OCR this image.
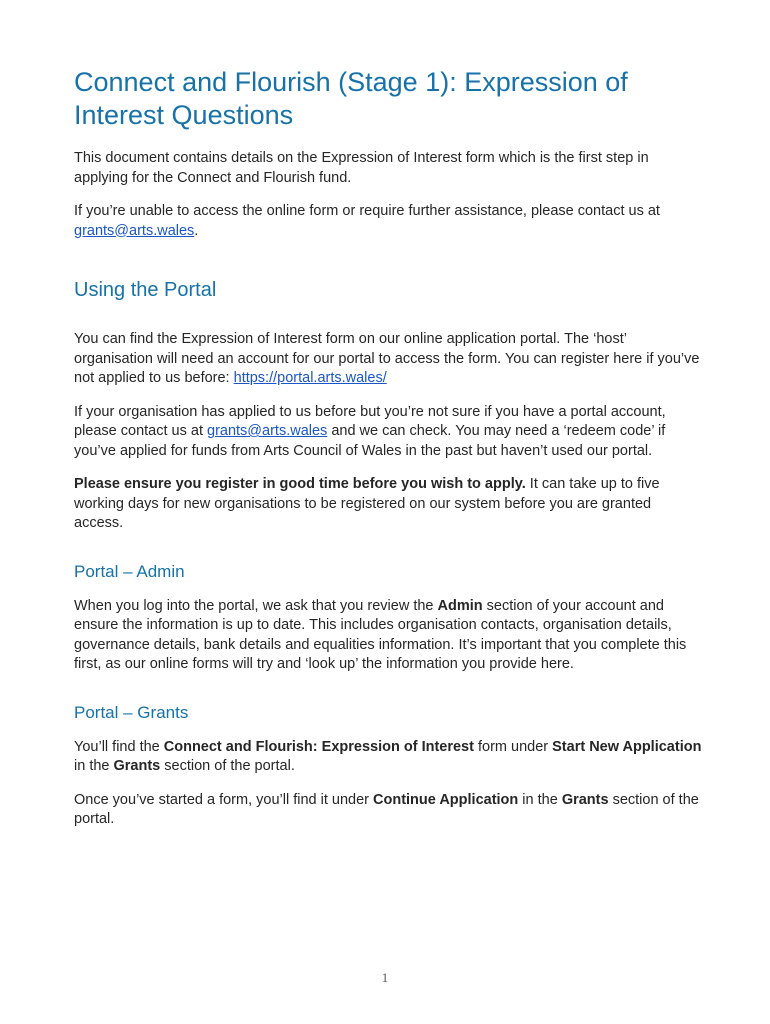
Connect and Flourish (Stage 1): Expression of Interest Questions

This document contains details on the Expression of Interest form which is the first step in applying for the Connect and Flourish fund.

If you’re unable to access the online form or require further assistance, please contact us at grants@arts.wales.

Using the Portal

You can find the Expression of Interest form on our online application portal. The ‘host’ organisation will need an account for our portal to access the form. You can register here if you’ve not applied to us before: https://portal.arts.wales/

If your organisation has applied to us before but you’re not sure if you have a portal account, please contact us at grants@arts.wales and we can check. You may need a ‘redeem code’ if you’ve applied for funds from Arts Council of Wales in the past but haven’t used our portal.

Please ensure you register in good time before you wish to apply. It can take up to five working days for new organisations to be registered on our system before you are granted access.

Portal – Admin

When you log into the portal, we ask that you review the Admin section of your account and ensure the information is up to date. This includes organisation contacts, organisation details, governance details, bank details and equalities information. It’s important that you complete this first, as our online forms will try and ‘look up’ the information you provide here.

Portal – Grants

You’ll find the Connect and Flourish: Expression of Interest form under Start New Application in the Grants section of the portal.

Once you’ve started a form, you’ll find it under Continue Application in the Grants section of the portal.

1
